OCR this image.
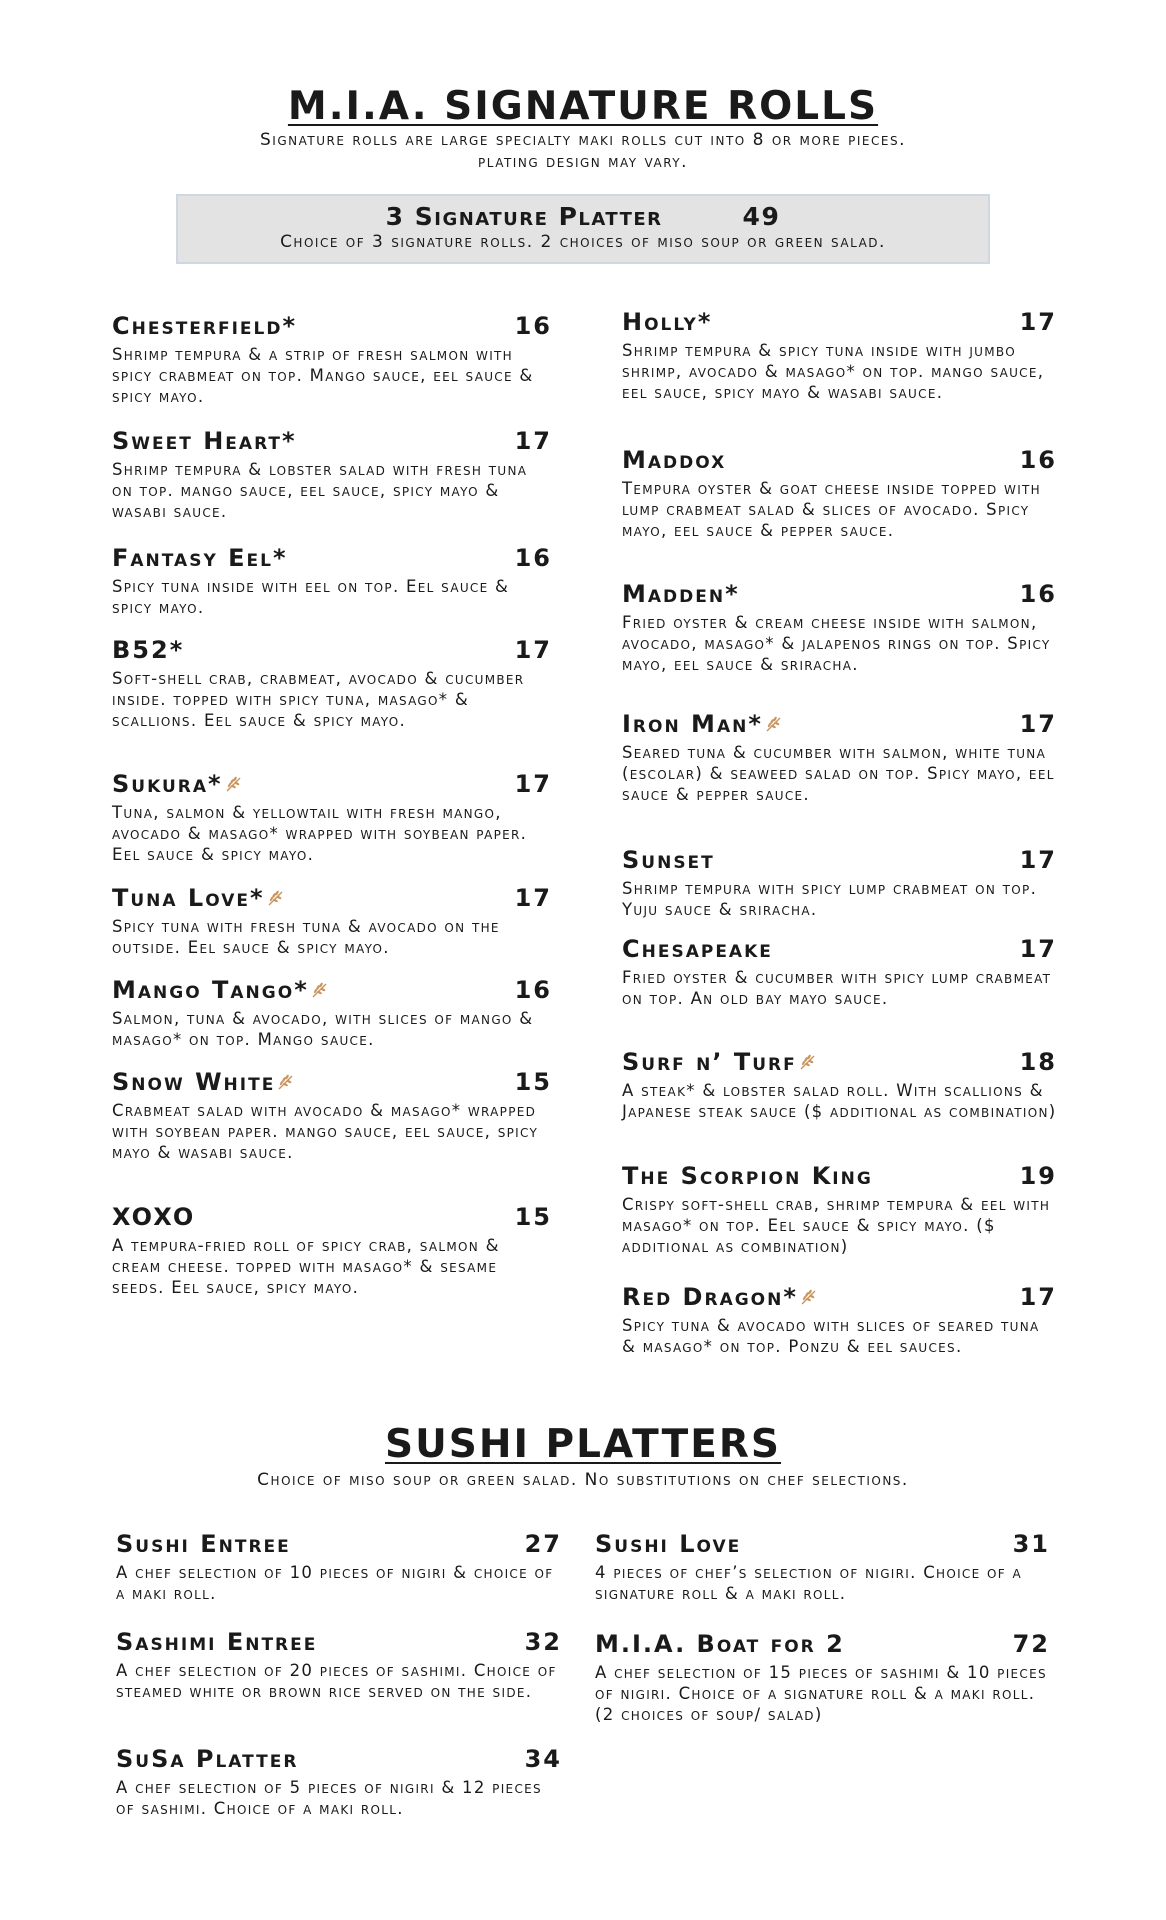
M.I.A. SIGNATURE ROLLS
Signature rolls are large specialty maki rolls cut into 8 or more pieces.
plating design may vary.
3 Signature Platter	49
Choice of 3 signature rolls. 2 choices of miso soup or green salad.
Chesterfield*	16
Shrimp tempura & a strip of fresh salmon with spicy crabmeat on top. Mango sauce, eel sauce & spicy mayo.
Sweet Heart*	17
Shrimp tempura & lobster salad with fresh tuna on top. mango sauce, eel sauce, spicy mayo & wasabi sauce.
Fantasy Eel*	16
Spicy tuna inside with eel on top. Eel sauce & spicy mayo.
B52*	17
Soft-shell crab, crabmeat, avocado & cucumber inside. topped with spicy tuna, masago* & scallions. Eel sauce & spicy mayo.
Sukura*	17
Tuna, salmon & yellowtail with fresh mango, avocado & masago* wrapped with soybean paper. Eel sauce & spicy mayo.
Tuna Love*	17
Spicy tuna with fresh tuna & avocado on the outside. Eel sauce & spicy mayo.
Mango Tango*	16
Salmon, tuna & avocado, with slices of mango & masago* on top. Mango sauce.
Snow White	15
Crabmeat salad with avocado & masago* wrapped with soybean paper. mango sauce, eel sauce, spicy mayo & wasabi sauce.
XOXO	15
A tempura-fried roll of spicy crab, salmon & cream cheese. topped with masago* & sesame seeds. Eel sauce, spicy mayo.
Holly*	17
Shrimp tempura & spicy tuna inside with jumbo shrimp, avocado & masago* on top. mango sauce, eel sauce, spicy mayo & wasabi sauce.
Maddox	16
Tempura oyster & goat cheese inside topped with lump crabmeat salad & slices of avocado. Spicy mayo, eel sauce & pepper sauce.
Madden*	16
Fried oyster & cream cheese inside with salmon, avocado, masago* & jalapenos rings on top. Spicy mayo, eel sauce & sriracha.
Iron Man*	17
Seared tuna & cucumber with salmon, white tuna (escolar) & seaweed salad on top. Spicy mayo, eel sauce & pepper sauce.
Sunset	17
Shrimp tempura with spicy lump crabmeat on top. Yuju sauce & sriracha.
Chesapeake	17
Fried oyster & cucumber with spicy lump crabmeat on top. An old bay mayo sauce.
Surf n’ Turf	18
A steak* & lobster salad roll. With scallions & Japanese steak sauce ($ additional as combination)
The Scorpion King	19
Crispy soft-shell crab, shrimp tempura & eel with masago* on top. Eel sauce & spicy mayo. ($ additional as combination)
Red Dragon*	17
Spicy tuna & avocado with slices of seared tuna & masago* on top. Ponzu & eel sauces.
SUSHI PLATTERS
Choice of miso soup or green salad. No substitutions on chef selections.
Sushi Entree	27
A chef selection of 10 pieces of nigiri & choice of a maki roll.
Sashimi Entree	32
A chef selection of 20 pieces of sashimi. Choice of steamed white or brown rice served on the side.
SuSa Platter	34
A chef selection of 5 pieces of nigiri & 12 pieces of sashimi. Choice of a maki roll.
Sushi Love	31
4 pieces of chef’s selection of nigiri. Choice of a signature roll & a maki roll.
M.I.A. Boat for 2	72
A chef selection of 15 pieces of sashimi & 10 pieces of nigiri. Choice of a signature roll & a maki roll. (2 choices of soup/ salad)
